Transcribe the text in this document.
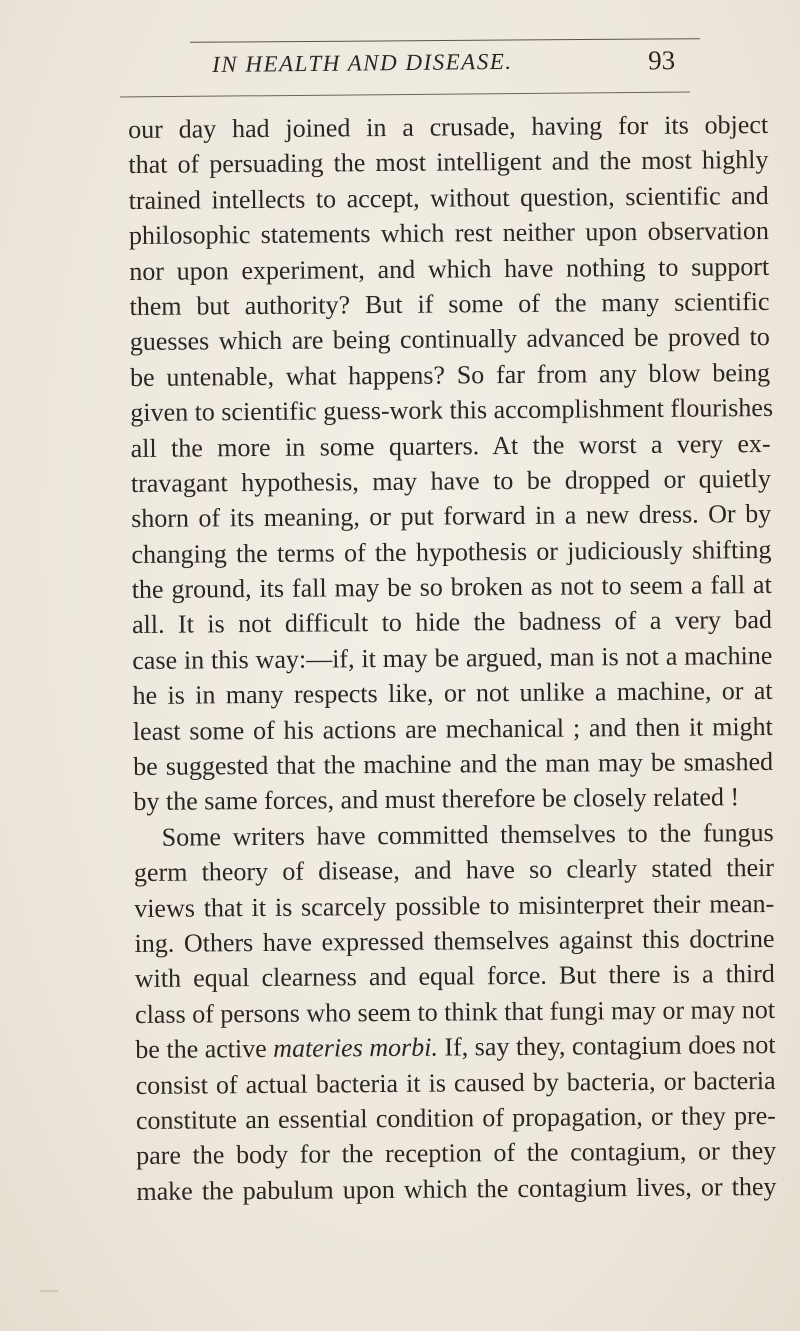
IN HEALTH AND DISEASE.	93
our day had joined in a crusade, having for its object
that of persuading the most intelligent and the most highly
trained intellects to accept, without question, scientific and
philosophic statements which rest neither upon observation
nor upon experiment, and which have nothing to support
them but authority? But if some of the many scientific
guesses which are being continually advanced be proved to
be untenable, what happens? So far from any blow being
given to scientific guess-work this accomplishment flourishes
all the more in some quarters. At the worst a very ex-
travagant hypothesis, may have to be dropped or quietly
shorn of its meaning, or put forward in a new dress. Or by
changing the terms of the hypothesis or judiciously shifting
the ground, its fall may be so broken as not to seem a fall at
all. It is not difficult to hide the badness of a very bad
case in this way:—if, it may be argued, man is not a machine
he is in many respects like, or not unlike a machine, or at
least some of his actions are mechanical ; and then it might
be suggested that the machine and the man may be smashed
by the same forces, and must therefore be closely related !
Some writers have committed themselves to the fungus
germ theory of disease, and have so clearly stated their
views that it is scarcely possible to misinterpret their mean-
ing. Others have expressed themselves against this doctrine
with equal clearness and equal force. But there is a third
class of persons who seem to think that fungi may or may not
be the active materies morbi. If, say they, contagium does not
consist of actual bacteria it is caused by bacteria, or bacteria
constitute an essential condition of propagation, or they pre-
pare the body for the reception of the contagium, or they
make the pabulum upon which the contagium lives, or they
